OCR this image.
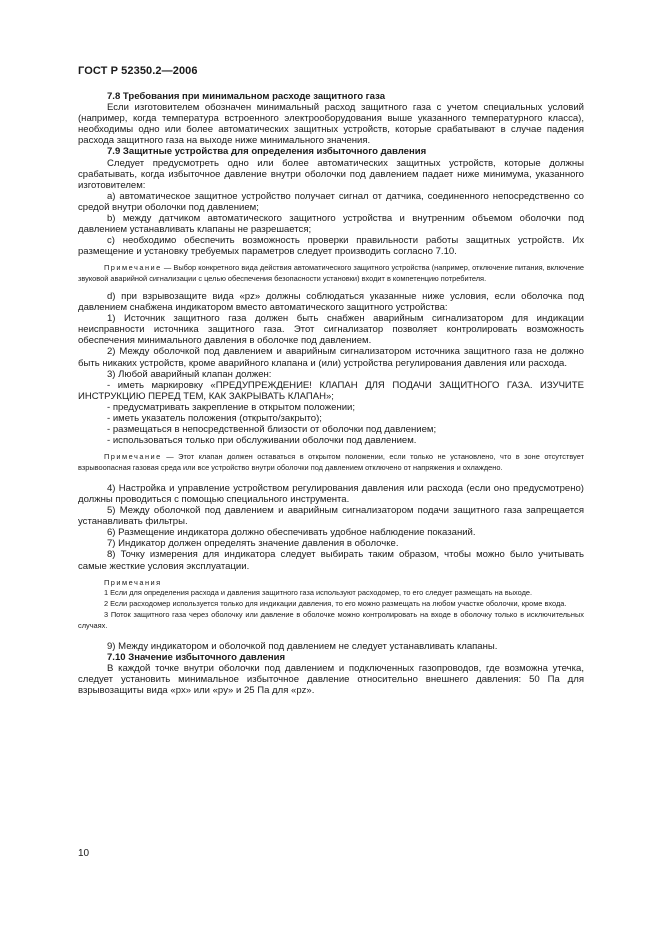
ГОСТ Р 52350.2—2006

7.8 Требования при минимальном расходе защитного газа

Если изготовителем обозначен минимальный расход защитного газа с учетом специальных условий (например, когда температура встроенного электрооборудования выше указанного температурного класса), необходимы одно или более автоматических защитных устройств, которые срабатывают в случае падения расхода защитного газа на выходе ниже минимального значения.

7.9 Защитные устройства для определения избыточного давления

Следует предусмотреть одно или более автоматических защитных устройств, которые должны срабатывать, когда избыточное давление внутри оболочки под давлением падает ниже минимума, указанного изготовителем:

a) автоматическое защитное устройство получает сигнал от датчика, соединенного непосредственно со средой внутри оболочки под давлением;

b) между датчиком автоматического защитного устройства и внутренним объемом оболочки под давлением устанавливать клапаны не разрешается;

c) необходимо обеспечить возможность проверки правильности работы защитных устройств. Их размещение и установку требуемых параметров следует производить согласно 7.10.

Примечание — Выбор конкретного вида действия автоматического защитного устройства (например, отключение питания, включение звуковой аварийной сигнализации с целью обеспечения безопасности установки) входит в компетенцию потребителя.

d) при взрывозащите вида «pz» должны соблюдаться указанные ниже условия, если оболочка под давлением снабжена индикатором вместо автоматического защитного устройства:

1) Источник защитного газа должен быть снабжен аварийным сигнализатором для индикации неисправности источника защитного газа. Этот сигнализатор позволяет контролировать возможность обеспечения минимального давления в оболочке под давлением.

2) Между оболочкой под давлением и аварийным сигнализатором источника защитного газа не должно быть никаких устройств, кроме аварийного клапана и (или) устройства регулирования давления или расхода.

3) Любой аварийный клапан должен:

- иметь маркировку «ПРЕДУПРЕЖДЕНИЕ! КЛАПАН ДЛЯ ПОДАЧИ ЗАЩИТНОГО ГАЗА. ИЗУЧИТЕ ИНСТРУКЦИЮ ПЕРЕД ТЕМ, КАК ЗАКРЫВАТЬ КЛАПАН»;

- предусматривать закрепление в открытом положении;

- иметь указатель положения (открыто/закрыто);

- размещаться в непосредственной близости от оболочки под давлением;

- использоваться только при обслуживании оболочки под давлением.

Примечание — Этот клапан должен оставаться в открытом положении, если только не установлено, что в зоне отсутствует взрывоопасная газовая среда или все устройство внутри оболочки под давлением отключено от напряжения и охлаждено.

4) Настройка и управление устройством регулирования давления или расхода (если оно предусмотрено) должны проводиться с помощью специального инструмента.

5) Между оболочкой под давлением и аварийным сигнализатором подачи защитного газа запрещается устанавливать фильтры.

6) Размещение индикатора должно обеспечивать удобное наблюдение показаний.

7) Индикатор должен определять значение давления в оболочке.

8) Точку измерения для индикатора следует выбирать таким образом, чтобы можно было учитывать самые жесткие условия эксплуатации.

Примечания

1 Если для определения расхода и давления защитного газа используют расходомер, то его следует размещать на выходе.

2 Если расходомер используется только для индикации давления, то его можно размещать на любом участке оболочки, кроме входа.

3 Поток защитного газа через оболочку или давление в оболочке можно контролировать на входе в оболочку только в исключительных случаях.

9) Между индикатором и оболочкой под давлением не следует устанавливать клапаны.

7.10 Значение избыточного давления

В каждой точке внутри оболочки под давлением и подключенных газопроводов, где возможна утечка, следует установить минимальное избыточное давление относительно внешнего давления: 50 Па для взрывозащиты вида «px» или «py» и 25 Па для «pz».

10
